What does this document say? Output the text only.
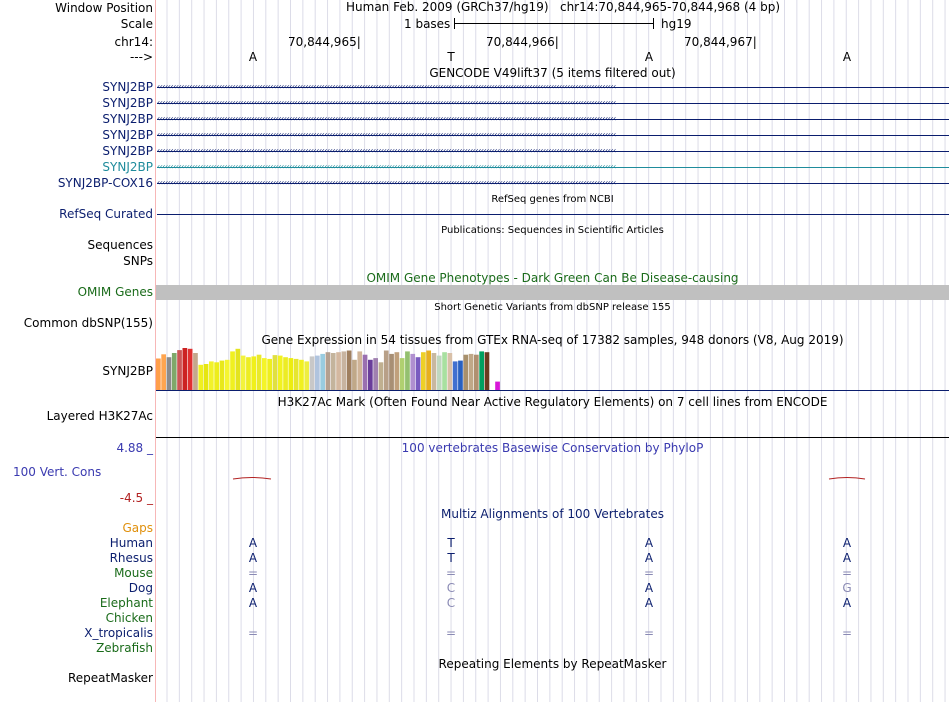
Window Position	Human Feb. 2009 (GRCh37/hg19) chr14:70,844,965-70,844,968 (4 bp)
Scale	1 bases	hg19
chr14:	70,844,965|	70,844,966|	70,844,967|
--->	A	T	A	A
GENCODE V49lift37 (5 items filtered out)
SYNJ2BP ‹‹‹‹‹‹‹‹‹‹‹‹‹‹‹‹‹‹‹‹‹‹‹‹‹‹‹‹‹‹‹‹‹‹‹‹‹‹‹‹‹‹‹‹‹‹‹‹‹‹‹‹‹‹‹‹‹‹‹‹‹‹‹‹‹‹‹‹‹‹‹‹‹‹‹‹‹‹‹‹‹‹‹‹‹‹‹‹‹‹‹‹‹‹‹‹‹‹‹‹‹‹‹‹‹‹‹‹‹‹‹‹‹‹‹‹‹‹‹‹‹‹‹‹‹‹‹‹‹‹‹‹‹‹‹‹‹‹‹‹‹‹‹‹‹‹‹‹‹‹‹‹‹‹‹‹‹‹‹‹‹‹‹‹‹‹‹‹‹‹
SYNJ2BP ‹‹‹‹‹‹‹‹‹‹‹‹‹‹‹‹‹‹‹‹‹‹‹‹‹‹‹‹‹‹‹‹‹‹‹‹‹‹‹‹‹‹‹‹‹‹‹‹‹‹‹‹‹‹‹‹‹‹‹‹‹‹‹‹‹‹‹‹‹‹‹‹‹‹‹‹‹‹‹‹‹‹‹‹‹‹‹‹‹‹‹‹‹‹‹‹‹‹‹‹‹‹‹‹‹‹‹‹‹‹‹‹‹‹‹‹‹‹‹‹‹‹‹‹‹‹‹‹‹‹‹‹‹‹‹‹‹‹‹‹‹‹‹‹‹‹‹‹‹‹‹‹‹‹‹‹‹‹‹‹‹‹‹‹‹‹‹‹‹‹
SYNJ2BP ‹‹‹‹‹‹‹‹‹‹‹‹‹‹‹‹‹‹‹‹‹‹‹‹‹‹‹‹‹‹‹‹‹‹‹‹‹‹‹‹‹‹‹‹‹‹‹‹‹‹‹‹‹‹‹‹‹‹‹‹‹‹‹‹‹‹‹‹‹‹‹‹‹‹‹‹‹‹‹‹‹‹‹‹‹‹‹‹‹‹‹‹‹‹‹‹‹‹‹‹‹‹‹‹‹‹‹‹‹‹‹‹‹‹‹‹‹‹‹‹‹‹‹‹‹‹‹‹‹‹‹‹‹‹‹‹‹‹‹‹‹‹‹‹‹‹‹‹‹‹‹‹‹‹‹‹‹‹‹‹‹‹‹‹‹‹‹‹‹‹
SYNJ2BP ‹‹‹‹‹‹‹‹‹‹‹‹‹‹‹‹‹‹‹‹‹‹‹‹‹‹‹‹‹‹‹‹‹‹‹‹‹‹‹‹‹‹‹‹‹‹‹‹‹‹‹‹‹‹‹‹‹‹‹‹‹‹‹‹‹‹‹‹‹‹‹‹‹‹‹‹‹‹‹‹‹‹‹‹‹‹‹‹‹‹‹‹‹‹‹‹‹‹‹‹‹‹‹‹‹‹‹‹‹‹‹‹‹‹‹‹‹‹‹‹‹‹‹‹‹‹‹‹‹‹‹‹‹‹‹‹‹‹‹‹‹‹‹‹‹‹‹‹‹‹‹‹‹‹‹‹‹‹‹‹‹‹‹‹‹‹‹‹‹‹
SYNJ2BP ‹‹‹‹‹‹‹‹‹‹‹‹‹‹‹‹‹‹‹‹‹‹‹‹‹‹‹‹‹‹‹‹‹‹‹‹‹‹‹‹‹‹‹‹‹‹‹‹‹‹‹‹‹‹‹‹‹‹‹‹‹‹‹‹‹‹‹‹‹‹‹‹‹‹‹‹‹‹‹‹‹‹‹‹‹‹‹‹‹‹‹‹‹‹‹‹‹‹‹‹‹‹‹‹‹‹‹‹‹‹‹‹‹‹‹‹‹‹‹‹‹‹‹‹‹‹‹‹‹‹‹‹‹‹‹‹‹‹‹‹‹‹‹‹‹‹‹‹‹‹‹‹‹‹‹‹‹‹‹‹‹‹‹‹‹‹‹‹‹‹
SYNJ2BP ‹‹‹‹‹‹‹‹‹‹‹‹‹‹‹‹‹‹‹‹‹‹‹‹‹‹‹‹‹‹‹‹‹‹‹‹‹‹‹‹‹‹‹‹‹‹‹‹‹‹‹‹‹‹‹‹‹‹‹‹‹‹‹‹‹‹‹‹‹‹‹‹‹‹‹‹‹‹‹‹‹‹‹‹‹‹‹‹‹‹‹‹‹‹‹‹‹‹‹‹‹‹‹‹‹‹‹‹‹‹‹‹‹‹‹‹‹‹‹‹‹‹‹‹‹‹‹‹‹‹‹‹‹‹‹‹‹‹‹‹‹‹‹‹‹‹‹‹‹‹‹‹‹‹‹‹‹‹‹‹‹‹‹‹‹‹‹‹‹‹
SYNJ2BP-COX16 ‹‹‹‹‹‹‹‹‹‹‹‹‹‹‹‹‹‹‹‹‹‹‹‹‹‹‹‹‹‹‹‹‹‹‹‹‹‹‹‹‹‹‹‹‹‹‹‹‹‹‹‹‹‹‹‹‹‹‹‹‹‹‹‹‹‹‹‹‹‹‹‹‹‹‹‹‹‹‹‹‹‹‹‹‹‹‹‹‹‹‹‹‹‹‹‹‹‹‹‹‹‹‹‹‹‹‹‹‹‹‹‹‹‹‹‹‹‹‹‹‹‹‹‹‹‹‹‹‹‹‹‹‹‹‹‹‹‹‹‹‹‹‹‹‹‹‹‹‹‹‹‹‹‹‹‹‹‹‹‹‹‹‹‹‹‹‹‹‹‹
RefSeq genes from NCBI
RefSeq Curated
Publications: Sequences in Scientific Articles
Sequences
SNPs
OMIM Gene Phenotypes - Dark Green Can Be Disease-causing
OMIM Genes
Short Genetic Variants from dbSNP release 155
Common dbSNP(155)
Gene Expression in 54 tissues from GTEx RNA-seq of 17382 samples, 948 donors (V8, Aug 2019)
SYNJ2BP
H3K27Ac Mark (Often Found Near Active Regulatory Elements) on 7 cell lines from ENCODE
Layered H3K27Ac
4.88 _	100 vertebrates Basewise Conservation by PhyloP
100 Vert. Cons
-4.5 _
Multiz Alignments of 100 Vertebrates
Gaps
Human	A	T	A	A
Rhesus	A	T	A	A
Mouse	=	=	=	=
Dog	A	C	A	G
Elephant	A	C	A	A
Chicken
X_tropicalis	=	=	=	=
Zebrafish
Repeating Elements by RepeatMasker
RepeatMasker
